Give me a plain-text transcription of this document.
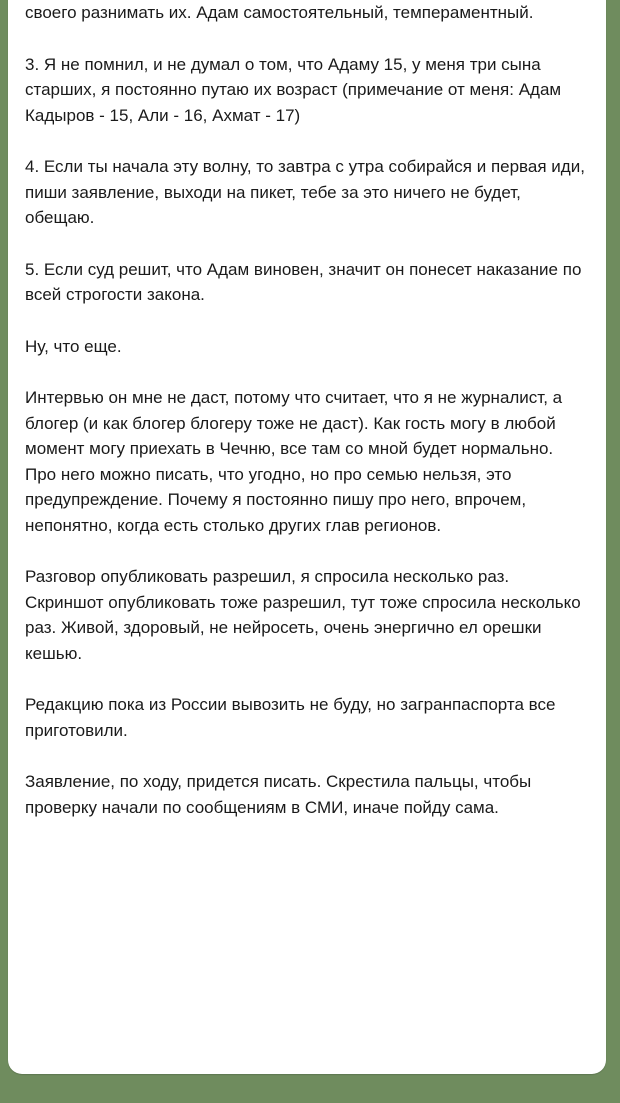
своего разнимать их. Адам самостоятельный, темпераментный.

3. Я не помнил, и не думал о том, что Адаму 15, у меня три сына старших, я постоянно путаю их возраст (примечание от меня: Адам Кадыров - 15, Али - 16, Ахмат - 17)

4. Если ты начала эту волну, то завтра с утра собирайся и первая иди, пиши заявление, выходи на пикет, тебе за это ничего не будет, обещаю.

5. Если суд решит, что Адам виновен, значит он понесет наказание по всей строгости закона.

Ну, что еще.

Интервью он мне не даст, потому что считает, что я не журналист, а блогер (и как блогер блогеру тоже не даст). Как гость могу в любой момент могу приехать в Чечню, все там со мной будет нормально. Про него можно писать, что угодно, но про семью нельзя, это предупреждение. Почему я постоянно пишу про него, впрочем, непонятно, когда есть столько других глав регионов.

Разговор опубликовать разрешил, я спросила несколько раз. Скриншот опубликовать тоже разрешил, тут тоже спросила несколько раз. Живой, здоровый, не нейросеть, очень энергично ел орешки кешью.

Редакцию пока из России вывозить не буду, но загранпаспорта все приготовили.

Заявление, по ходу, придется писать. Скрестила пальцы, чтобы проверку начали по сообщениям в СМИ, иначе пойду сама.
